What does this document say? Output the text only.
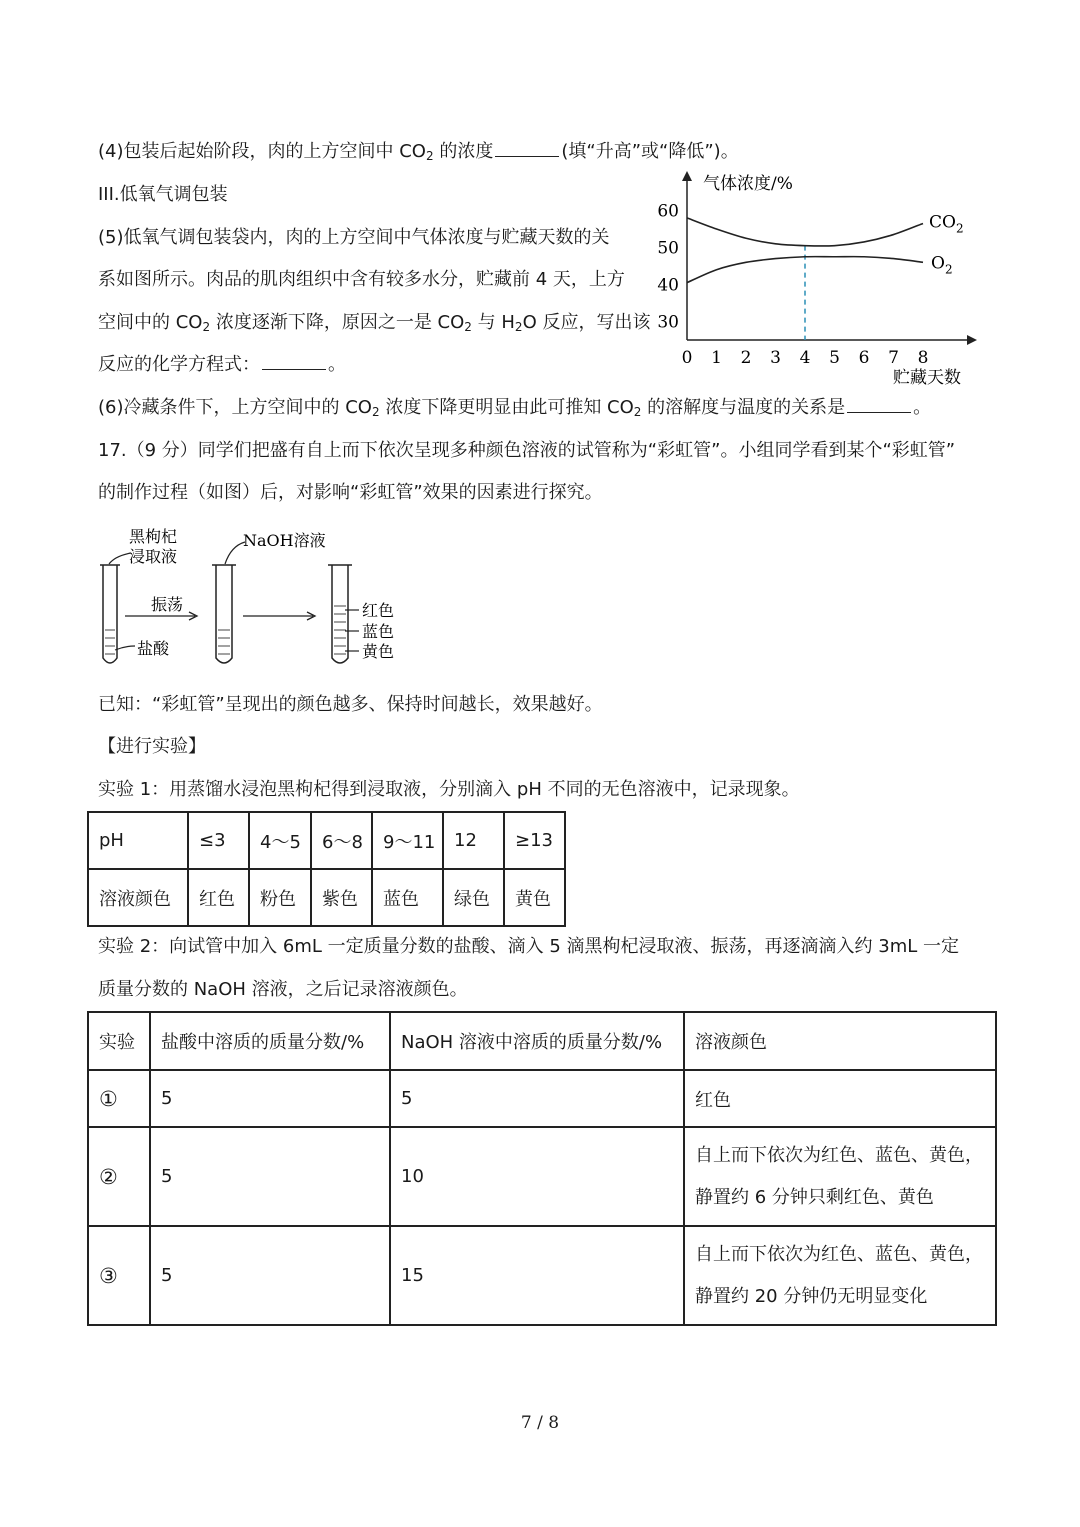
(4)包装后起始阶段，肉的上方空间中 $CO_2$ 的浓度	(填“升高”或“降低”)。
III.低氧气调包装
(5)低氧气调包装袋内，肉的上方空间中气体浓度与贮藏天数的关
系如图所示。肉品的肌肉组织中含有较多水分，贮藏前 4 天，上方
空间中的 $CO_2$ 浓度逐渐下降，原因之一是 $CO_2$ 与 $H_2O$ 反应，写出该
反应的化学方程式：	。
气体浓度/%
贮藏天数
30
40
50
60
0 1 2 3 4 5 6 7 8
$CO_2$
$O_2$
(6)冷藏条件下，上方空间中的 $CO_2$ 浓度下降更明显由此可推知 $CO_2$ 的溶解度与温度的关系是	。
17.（9 分）同学们把盛有自上而下依次呈现多种颜色溶液的试管称为“彩虹管”。小组同学看到某个“彩虹管”
的制作过程（如图）后，对影响“彩虹管”效果的因素进行探究。
黑枸杞
浸取液
盐酸
振荡
NaOH溶液
红色
蓝色
黄色
已知：“彩虹管”呈现出的颜色越多、保持时间越长，效果越好。
【进行实验】
实验 1：用蒸馏水浸泡黑枸杞得到浸取液，分别滴入 pH 不同的无色溶液中，记录现象。
pH	≤3	4～5	6～8	9～11	12	≥13
溶液颜色	红色	粉色	紫色	蓝色	绿色	黄色
实验 2：向试管中加入 6mL 一定质量分数的盐酸、滴入 5 滴黑枸杞浸取液、振荡，再逐滴滴入约 3mL 一定
质量分数的 NaOH 溶液，之后记录溶液颜色。
实验	盐酸中溶质的质量分数/%	NaOH 溶液中溶质的质量分数/%	溶液颜色
①	5	5	红色
②	5	10	自上而下依次为红色、蓝色、黄色，
静置约 6 分钟只剩红色、黄色

③	5	15	自上而下依次为红色、蓝色、黄色，
静置约 20 分钟仍无明显变化
7 / 8
